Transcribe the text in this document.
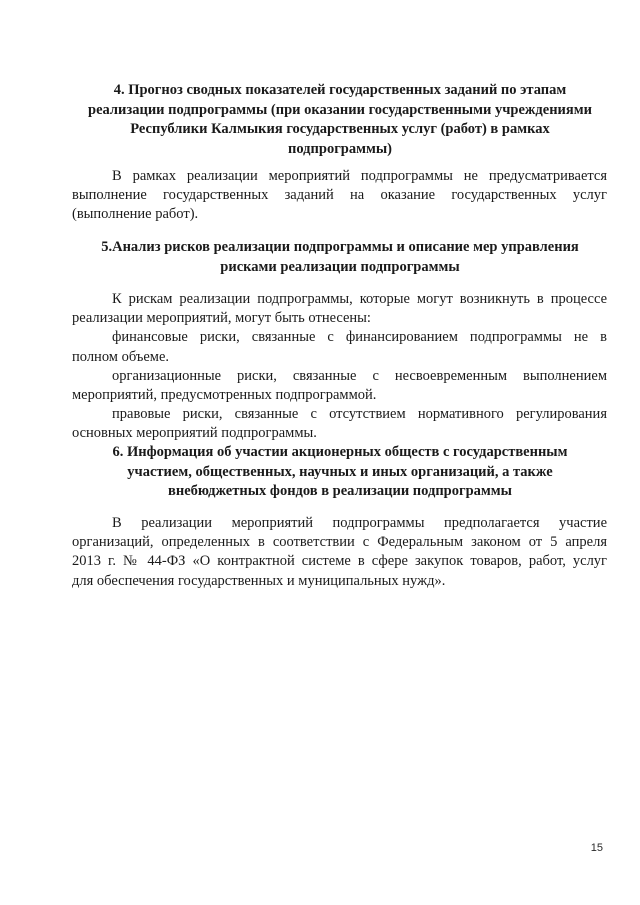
4. Прогноз сводных показателей государственных заданий по этапам
реализации подпрограммы (при оказании государственными учреждениями
Республики Калмыкия государственных услуг (работ) в рамках
подпрограммы)
В рамках реализации мероприятий подпрограммы не предусматривается
выполнение государственных заданий на оказание государственных услуг
(выполнение работ).
5.Анализ рисков реализации подпрограммы и описание мер управления
рисками реализации подпрограммы
К рискам реализации подпрограммы, которые могут возникнуть в процессе
реализации мероприятий, могут быть отнесены:
финансовые риски, связанные с финансированием подпрограммы не в
полном объеме.
организационные риски, связанные с несвоевременным выполнением
мероприятий, предусмотренных подпрограммой.
правовые риски, связанные с отсутствием нормативного регулирования
основных мероприятий подпрограммы.
6. Информация об участии акционерных обществ с государственным
участием, общественных, научных и иных организаций, а также
внебюджетных фондов в реализации подпрограммы
В реализации мероприятий подпрограммы предполагается участие
организаций, определенных в соответствии с Федеральным законом от 5 апреля
2013 г. № 44-ФЗ «О контрактной системе в сфере закупок товаров, работ, услуг
для обеспечения государственных и муниципальных нужд».
15
